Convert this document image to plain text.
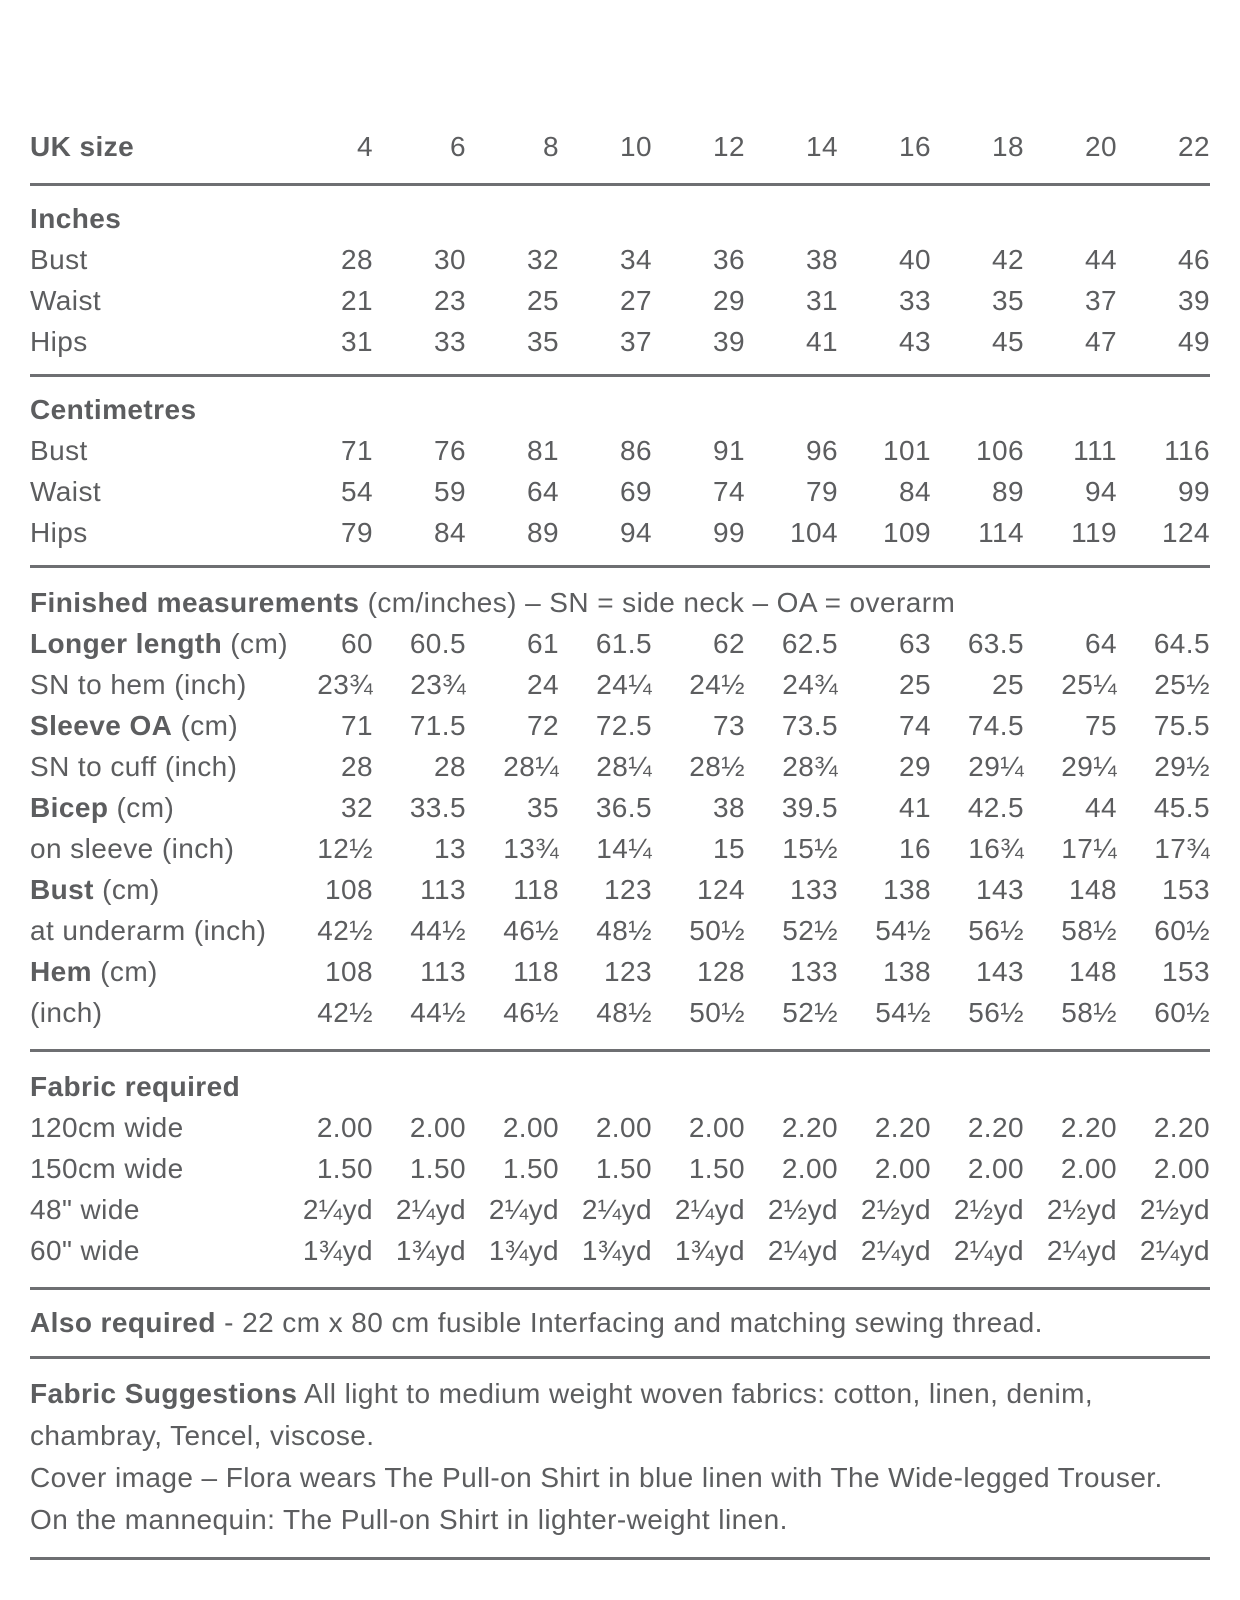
UK size	4	6	8	10	12	14	16	18	20	22
Inches										
Bust	28	30	32	34	36	38	40	42	44	46
Waist	21	23	25	27	29	31	33	35	37	39
Hips	31	33	35	37	39	41	43	45	47	49
Centimetres										
Bust	71	76	81	86	91	96	101	106	111	116
Waist	54	59	64	69	74	79	84	89	94	99
Hips	79	84	89	94	99	104	109	114	119	124

Finished measurements (cm/inches) – SN = side neck – OA = overarm

Longer length (cm)	60	60.5	61	61.5	62	62.5	63	63.5	64	64.5
SN to hem (inch)	23¾	23¾	24	24¼	24½	24¾	25	25	25¼	25½
Sleeve OA (cm)	71	71.5	72	72.5	73	73.5	74	74.5	75	75.5
SN to cuff (inch)	28	28	28¼	28¼	28½	28¾	29	29¼	29¼	29½
Bicep (cm)	32	33.5	35	36.5	38	39.5	41	42.5	44	45.5
on sleeve (inch)	12½	13	13¾	14¼	15	15½	16	16¾	17¼	17¾
Bust (cm)	108	113	118	123	124	133	138	143	148	153
at underarm (inch)	42½	44½	46½	48½	50½	52½	54½	56½	58½	60½
Hem (cm)	108	113	118	123	128	133	138	143	148	153
(inch)	42½	44½	46½	48½	50½	52½	54½	56½	58½	60½
Fabric required										
120cm wide	2.00	2.00	2.00	2.00	2.00	2.20	2.20	2.20	2.20	2.20
150cm wide	1.50	1.50	1.50	1.50	1.50	2.00	2.00	2.00	2.00	2.00
48" wide	2¼yd	2¼yd	2¼yd	2¼yd	2¼yd	2½yd	2½yd	2½yd	2½yd	2½yd
60" wide	1¾yd	1¾yd	1¾yd	1¾yd	1¾yd	2¼yd	2¼yd	2¼yd	2¼yd	2¼yd

Also required - 22 cm x 80 cm fusible Interfacing and matching sewing thread.

Fabric Suggestions All light to medium weight woven fabrics: cotton, linen, denim, chambray, Tencel, viscose.

Cover image – Flora wears The Pull-on Shirt in blue linen with The Wide-legged Trouser. On the mannequin: The Pull-on Shirt in lighter-weight linen.
